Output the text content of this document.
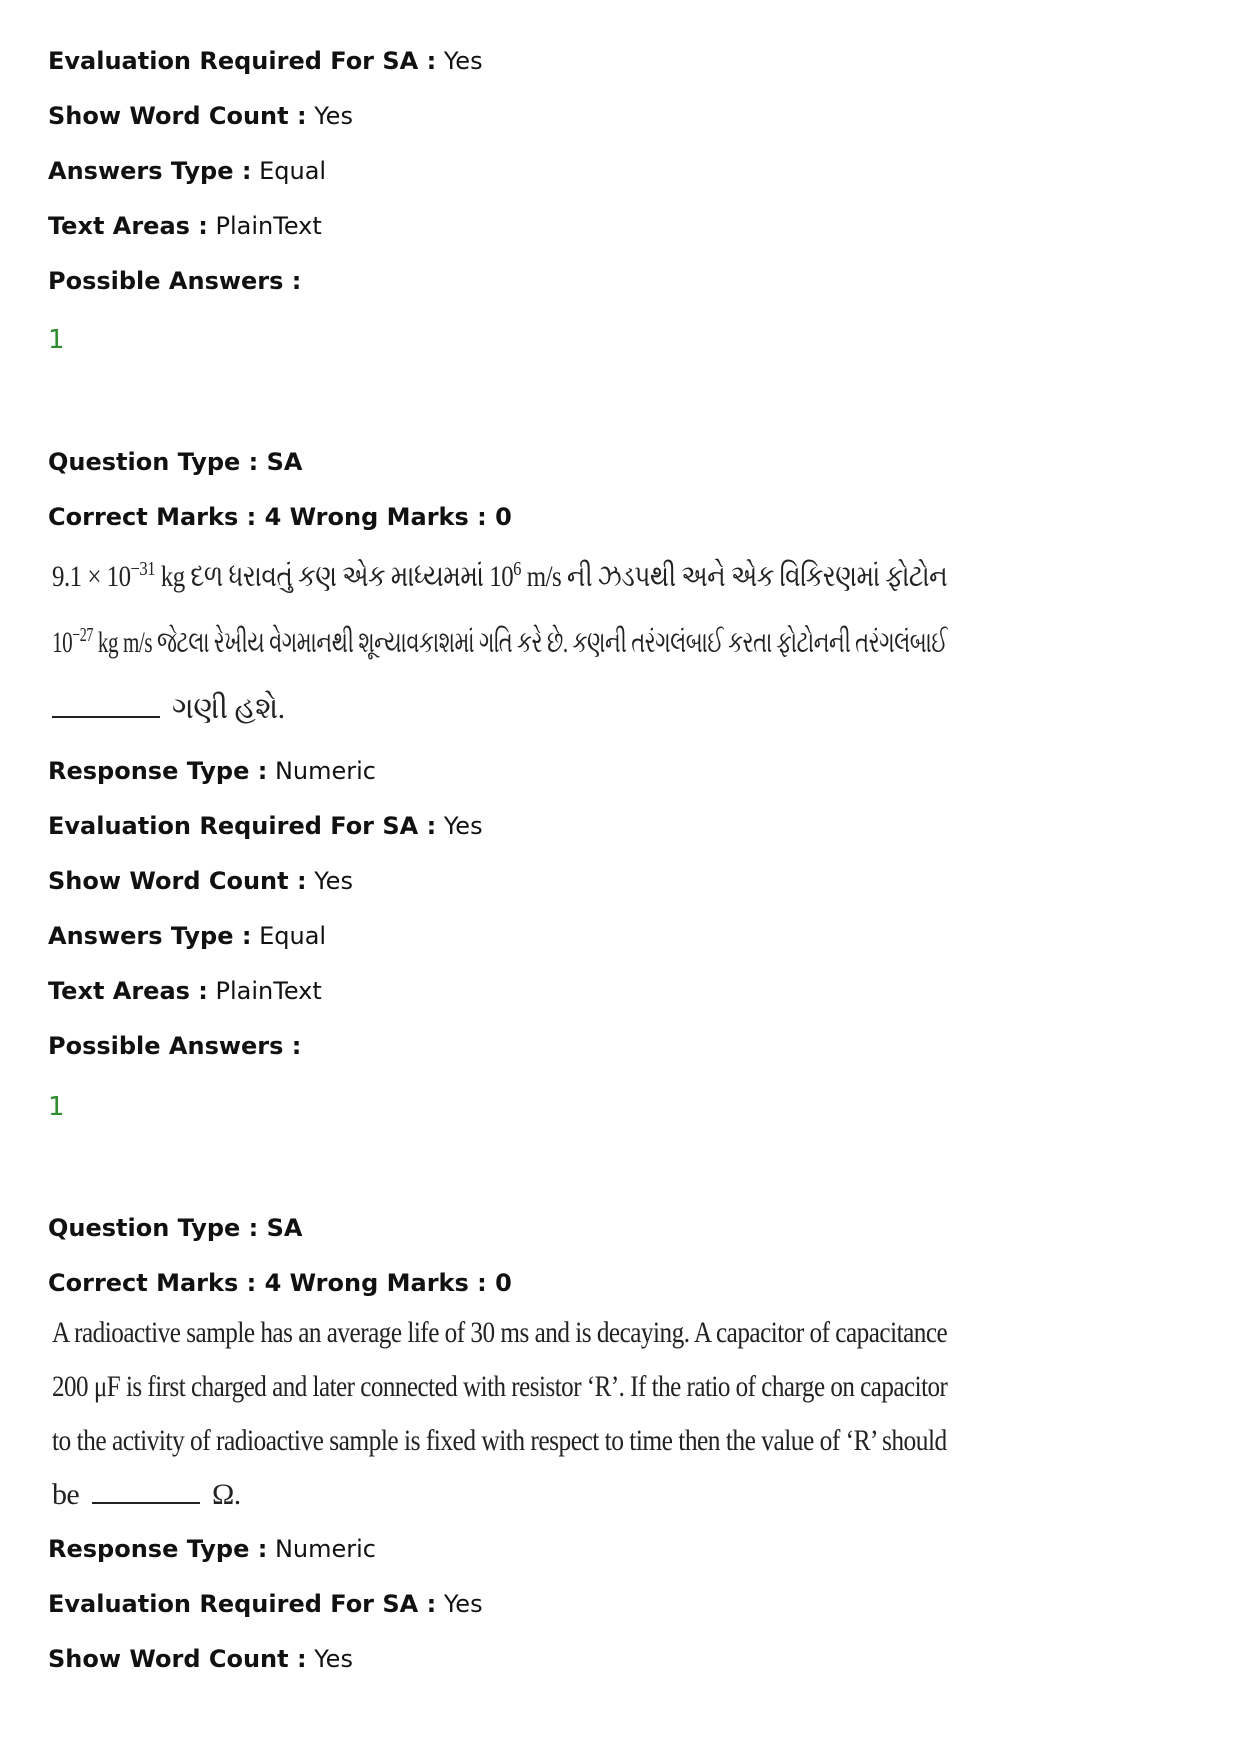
Evaluation Required For SA : Yes
Show Word Count : Yes
Answers Type : Equal
Text Areas : PlainText
Possible Answers :
1
Question Type : SA
Correct Marks : 4 Wrong Marks : 0
$9.1 \times 10^{-31}$ kg દળ ધરાવતું કણ એક માધ્યમમાં $10^6$ m/s ની ઝડપથી અને એક વિકિરણમાં ફોટોન
$10^{-27}$ kg m/s જેટલા રેખીય વેગમાનથી શૂન્યાવકાશમાં ગતિ કરે છે. કણની તરંગલંબાઈ કરતા ફોટોનની તરંગલંબાઈ
ગણી હશે.
Response Type : Numeric
Evaluation Required For SA : Yes
Show Word Count : Yes
Answers Type : Equal
Text Areas : PlainText
Possible Answers :
1
Question Type : SA
Correct Marks : 4 Wrong Marks : 0
A radioactive sample has an average life of 30 ms and is decaying. A capacitor of capacitance
200 μF is first charged and later connected with resistor ‘R’. If the ratio of charge on capacitor
to the activity of radioactive sample is fixed with respect to time then the value of ‘R’ should
be	Ω.
Response Type : Numeric
Evaluation Required For SA : Yes
Show Word Count : Yes
